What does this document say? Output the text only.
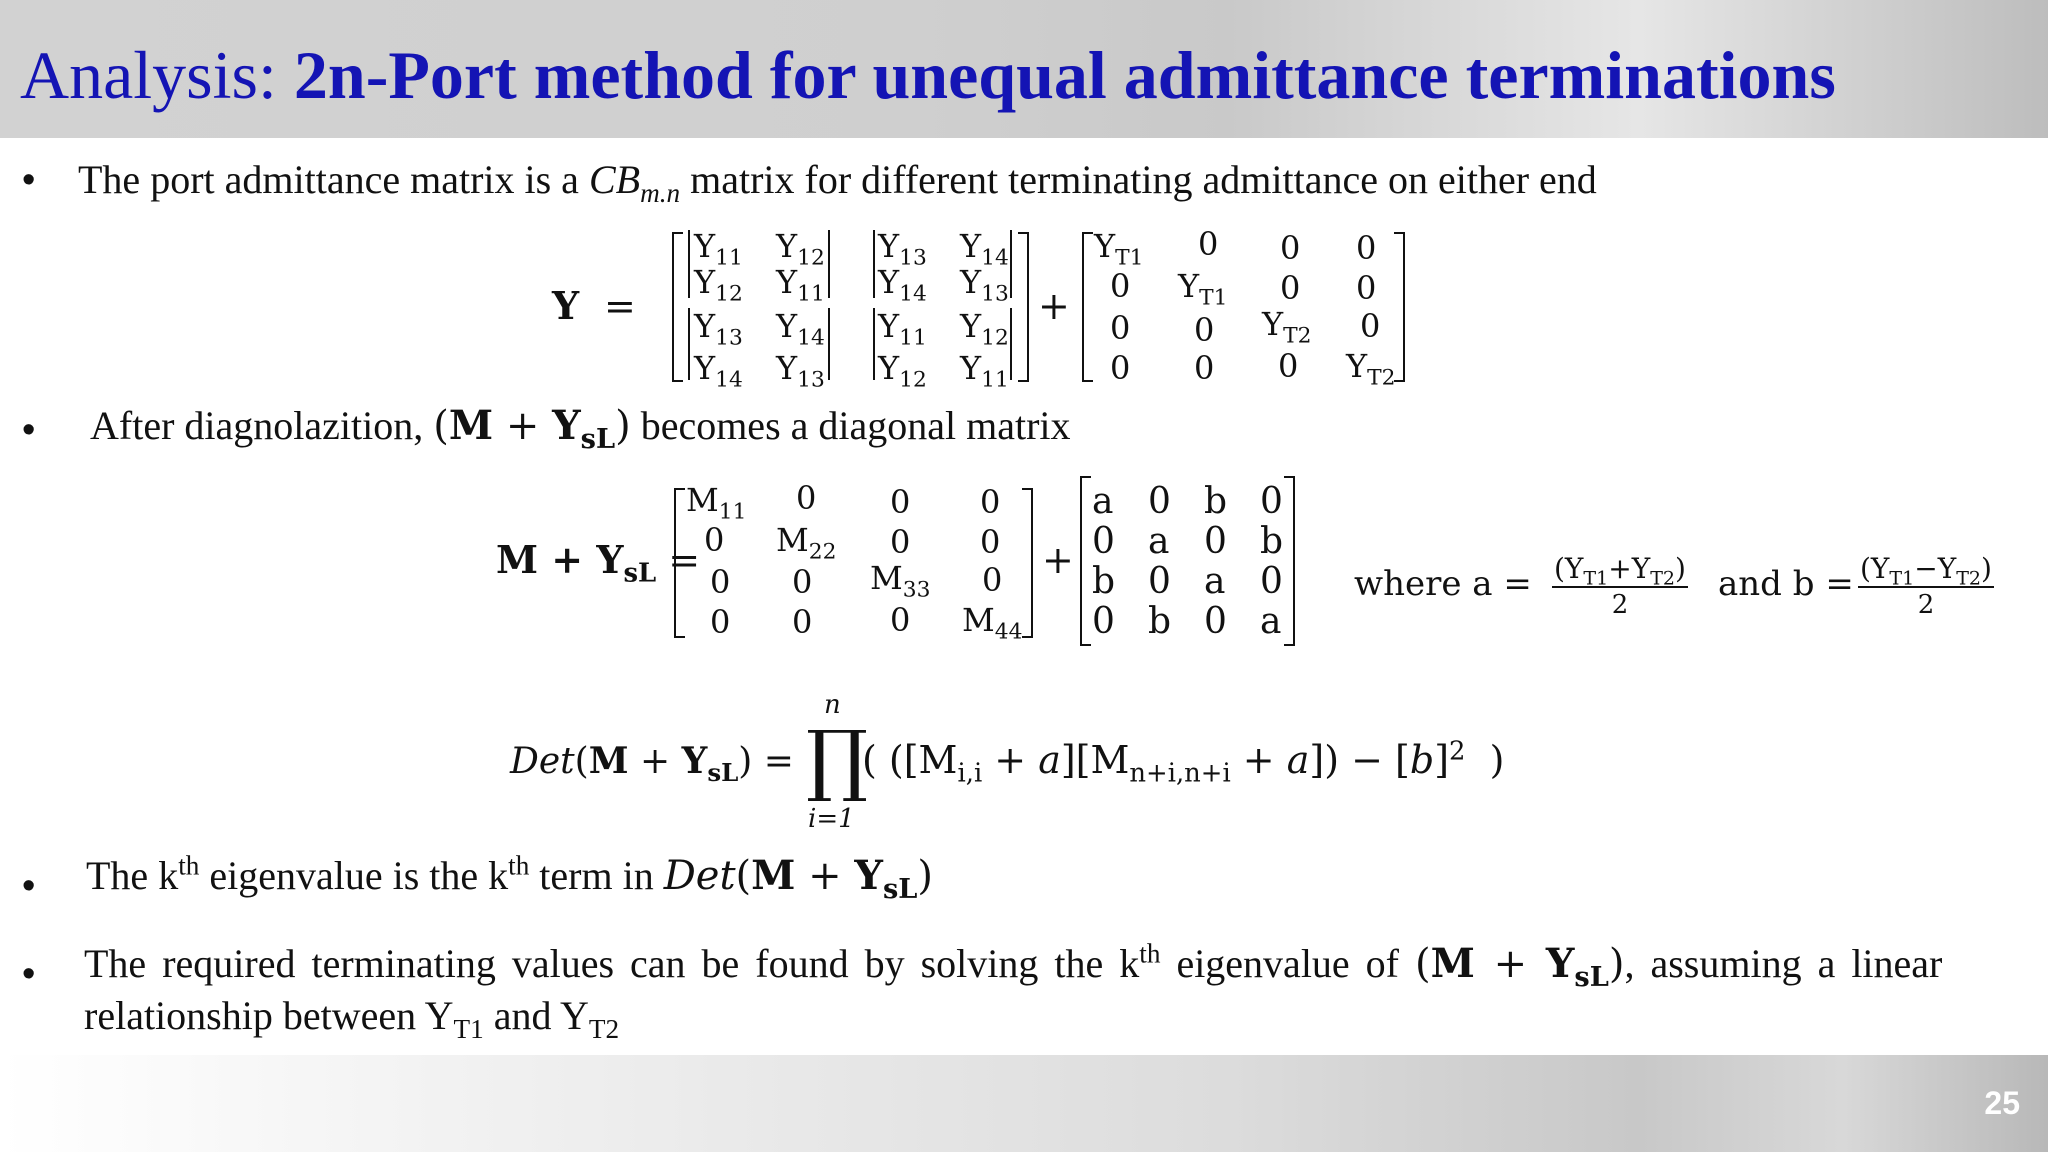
Analysis: 2n-Port method for unequal admittance terminations
• The port admittance matrix is a $CB_{m.n}$ matrix for different terminating admittance on either end
Y =
$Y_{11}$ $Y_{12}$ $Y_{13}$ $Y_{14}$
$Y_{12}$ $Y_{11}$ $Y_{14}$ $Y_{13}$
$Y_{13}$ $Y_{14}$ $Y_{11}$ $Y_{12}$
$Y_{14}$ $Y_{13}$ $Y_{12}$ $Y_{11}$
+
$Y_{T1}$ 0 0 0
0 $Y_{T1}$ 0 0
0 0 $Y_{T2}$ 0
0 0 0 $Y_{T2}$
• After diagnolazition, $(M + Y_{sL})$ becomes a diagonal matrix
$M + Y_{sL}$ =
$M_{11}$ 0 0 0
0 $M_{22}$ 0 0
0 0 $M_{33}$ 0
0 0 0 $M_{44}$
+
a 0 b 0
0 a 0 b
b 0 a 0
0 b 0 a
where $a = \frac{(Y_{T1}+Y_{T2})}{2}$ and $b = \frac{(Y_{T1}-Y_{T2})}{2}$
$Det(M + Y_{sL})$ =
n
∏
i=1
( $([M_{i,i} + a][M_{n+i,n+i} + a]) - [b]^2$  )
• The $k^{th}$ eigenvalue is the $k^{th}$ term in $Det(M + Y_{sL})$
• The required terminating values can be found by solving the $k^{th}$ eigenvalue of $(M + Y_{sL})$, assuming a linear
relationship between $Y_{T1}$ and $Y_{T2}$
25
